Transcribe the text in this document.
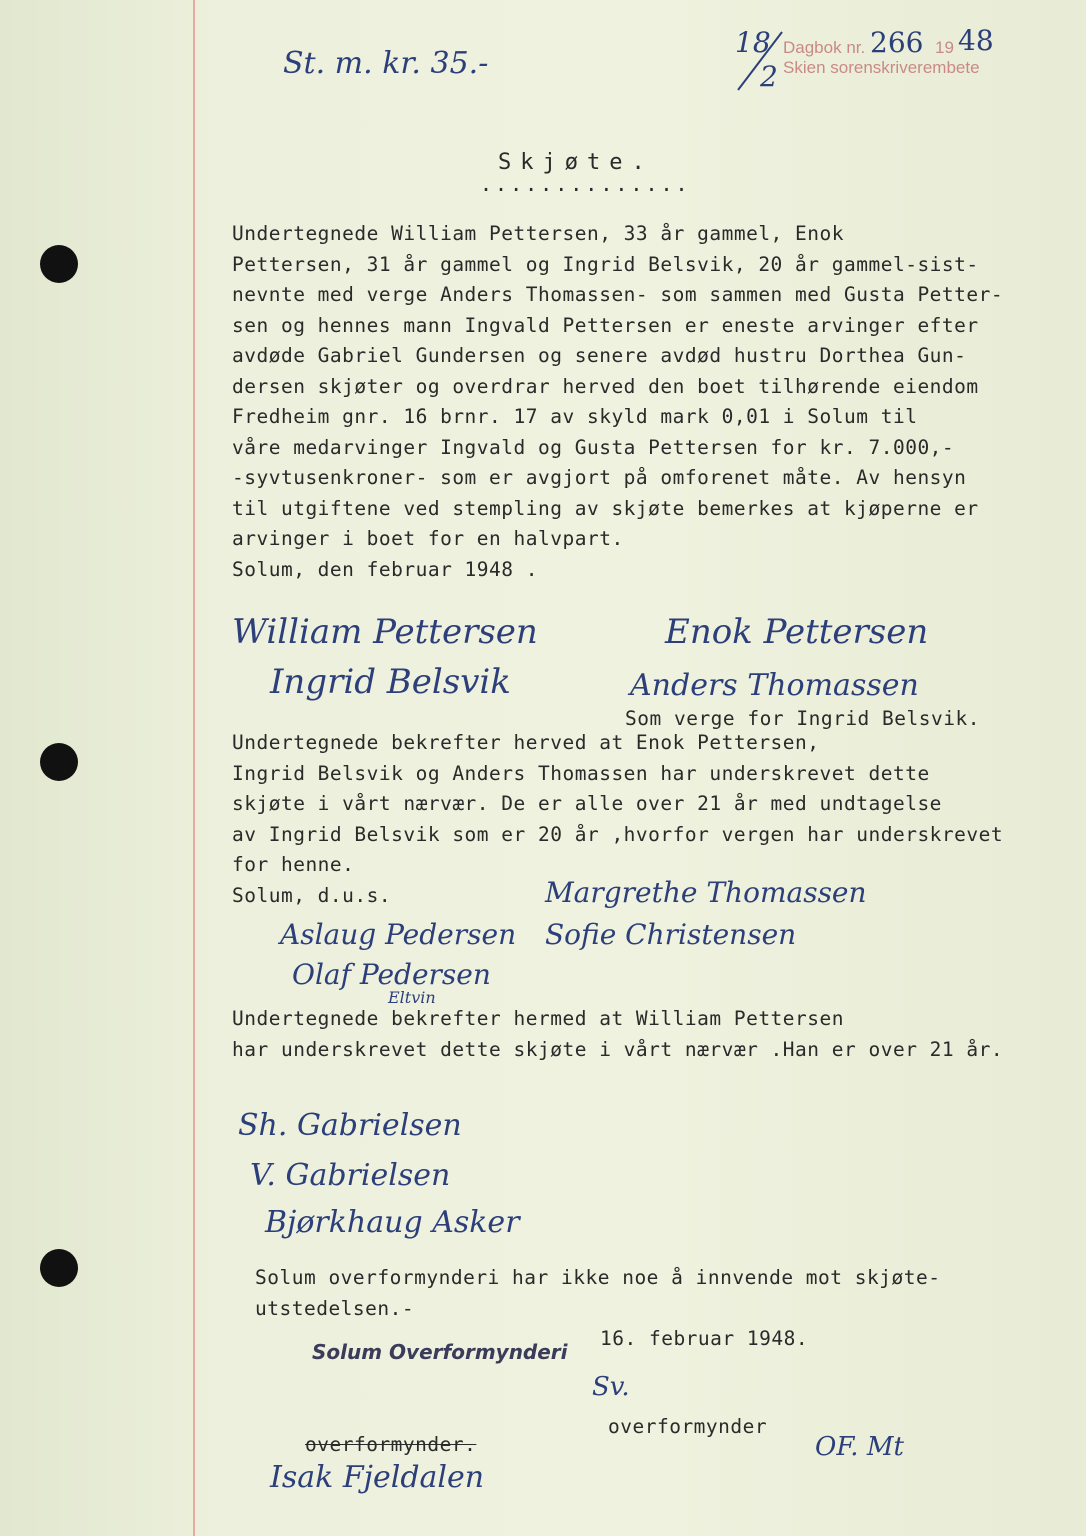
St. m. kr. 35.-
18
2
Dagbok nr. 266 19 48
Skien sorenskriverembete
Skjøte.
..............
Undertegnede William Pettersen, 33 år gammel, Enok
Pettersen, 31 år gammel og Ingrid Belsvik, 20 år gammel-sist-
nevnte med verge Anders Thomassen- som sammen med Gusta Petter-
sen og hennes mann Ingvald Pettersen er eneste arvinger efter
avdøde Gabriel Gundersen og senere avdød hustru Dorthea Gun-
dersen skjøter og overdrar herved den boet tilhørende eiendom
Fredheim gnr. 16 brnr. 17 av skyld mark 0,01 i Solum til
våre medarvinger Ingvald og Gusta Pettersen for kr. 7.000,-
-syvtusenkroner- som er avgjort på omforenet måte. Av hensyn
til utgiftene ved stempling av skjøte bemerkes at kjøperne er
arvinger i boet for en halvpart.
Solum, den februar 1948 .
William Pettersen	Enok Pettersen
Ingrid Belsvik	Anders Thomassen
Som verge for Ingrid Belsvik.
Undertegnede bekrefter herved at Enok Pettersen,
Ingrid Belsvik og Anders Thomassen har underskrevet dette
skjøte i vårt nærvær. De er alle over 21 år med undtagelse
av Ingrid Belsvik som er 20 år ,hvorfor vergen har underskrevet
for henne.
Solum, d.u.s.	Margrethe Thomassen
Aslaug Pedersen Sofie Christensen
Olaf Pedersen
Eltvin
Undertegnede bekrefter hermed at William Pettersen
har underskrevet dette skjøte i vårt nærvær .Han er over 21 år.
Sh. Gabrielsen
V. Gabrielsen
Bjørkhaug Asker
Solum overformynderi har ikke noe å innvende mot skjøte-
utstedelsen.-
16. februar 1948.
Solum Overformynderi
Sv.
overformynder
OF. Mt
overformynder.
Isak Fjeldalen
